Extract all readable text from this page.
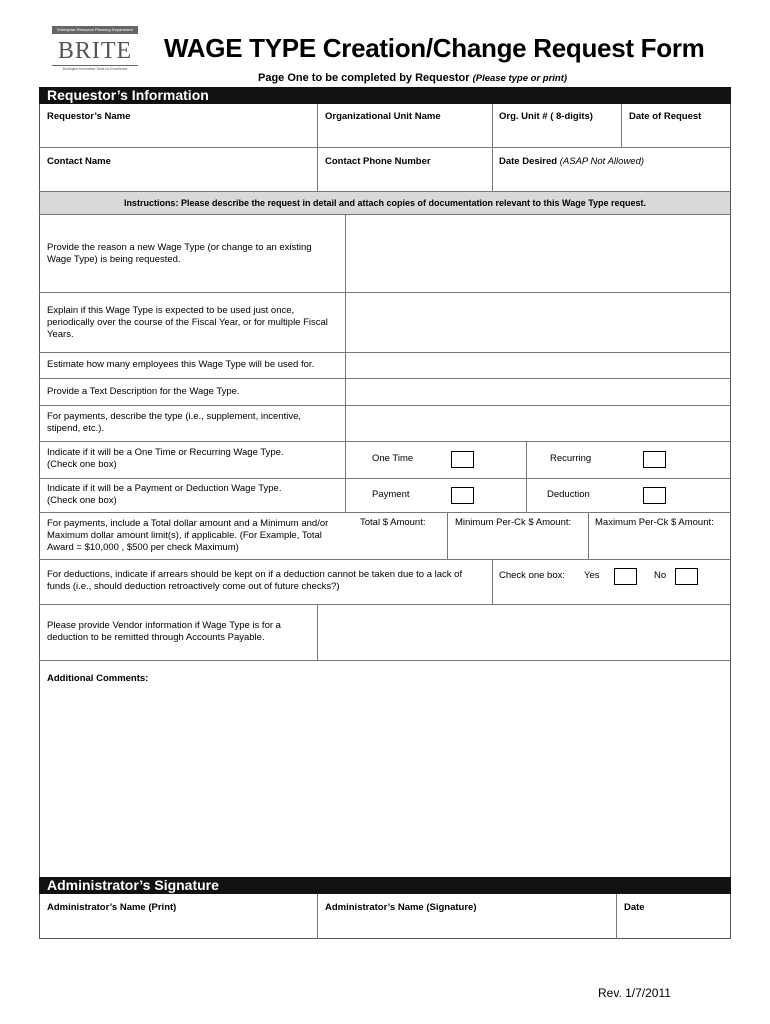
Enterprise Resource Planning Department
BRITE
Burlington Innovative Tools for Excellence
WAGE TYPE Creation/Change Request Form
Page One to be completed by Requestor (Please type or print)
Requestor’s Information
Requestor’s Name	Organizational Unit Name	Org. Unit # ( 8-digits)	Date of Request
Contact Name	Contact Phone Number	Date Desired (ASAP Not Allowed)
Instructions: Please describe the request in detail and attach copies of documentation relevant to this Wage Type request.
Provide the reason a new Wage Type (or change to an existing Wage Type) is being requested.
Explain if this Wage Type is expected to be used just once, periodically over the course of the Fiscal Year, or for multiple Fiscal Years.
Estimate how many employees this Wage Type will be used for.
Provide a Text Description for the Wage Type.
For payments, describe the type (i.e., supplement, incentive, stipend, etc.).
Indicate if it will be a One Time or Recurring Wage Type.
(Check one box)
One Time	Recurring
Indicate if it will be a Payment or Deduction Wage Type.
(Check one box)
Payment	Deduction
For payments, include a Total dollar amount and a Minimum and/or Maximum dollar amount limit(s), if applicable. (For Example, Total Award = $10,000 , $500 per check Maximum)
Total $ Amount:	Minimum Per-Ck $ Amount:	Maximum Per-Ck $ Amount:
For deductions, indicate if arrears should be kept on if a deduction cannot be taken due to a lack of funds (i.e., should deduction retroactively come out of future checks?)
Check one box: Yes	No
Please provide Vendor information if Wage Type is for a deduction to be remitted through Accounts Payable.
Additional Comments:
Administrator’s Signature
Administrator’s Name (Print)	Administrator’s Name (Signature)	Date
Rev. 1/7/2011
